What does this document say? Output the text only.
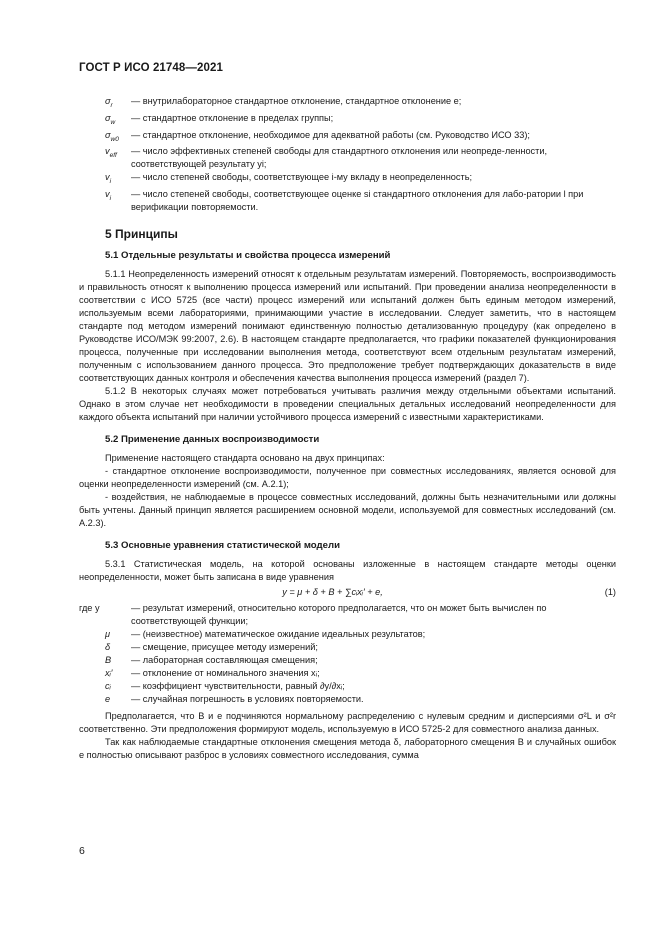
ГОСТ Р ИСО 21748—2021
$\sigma_r$	— внутрилабораторное стандартное отклонение, стандартное отклонение e;
$\sigma_w$	— стандартное отклонение в пределах группы;
$\sigma_{w0}$	— стандартное отклонение, необходимое для адекватной работы (см. Руководство ИСО 33);
$v_{eff}$	— число эффективных степеней свободы для стандартного отклонения или неопреде-ленности, соответствующей результату yi;
$v_i$	— число степеней свободы, соответствующее i-му вкладу в неопределенность;
$v_i$	— число степеней свободы, соответствующее оценке si стандартного отклонения для лабо-ратории l при верификации повторяемости.
5 Принципы
5.1 Отдельные результаты и свойства процесса измерений

5.1.1 Неопределенность измерений относят к отдельным результатам измерений. Повторяемость, воспроизводимость и правильность относят к выполнению процесса измерений или испытаний. При проведении анализа неопределенности в соответствии с ИСО 5725 (все части) процесс измерений или испытаний должен быть единым методом измерений, используемым всеми лабораториями, принимающими участие в исследовании. Следует заметить, что в настоящем стандарте под методом измерений понимают единственную полностью детализованную процедуру (как определено в Руководстве ИСО/МЭК 99:2007, 2.6). В настоящем стандарте предполагается, что графики показателей функционирования процесса, полученные при исследовании выполнения метода, соответствуют всем отдельным результатам измерений, полученным с использованием данного процесса. Это предположение требует подтверждающих доказательств в виде соответствующих данных контроля и обеспечения качества выполнения процесса измерений (раздел 7).

5.1.2 В некоторых случаях может потребоваться учитывать различия между отдельными объектами испытаний. Однако в этом случае нет необходимости в проведении специальных детальных исследований неопределенности для каждого объекта испытаний при наличии устойчивого процесса измерений с известными характеристиками.

5.2 Применение данных воспроизводимости

Применение настоящего стандарта основано на двух принципах:

- стандартное отклонение воспроизводимости, полученное при совместных исследованиях, является основой для оценки неопределенности измерений (см. А.2.1);

- воздействия, не наблюдаемые в процессе совместных исследований, должны быть незначительными или должны быть учтены. Данный принцип является расширением основной модели, используемой для совместных исследований (см. А.2.3).

5.3 Основные уравнения статистической модели

5.3.1 Статистическая модель, на которой основаны изложенные в настоящем стандарте методы оценки неопределенности, может быть записана в виде уравнения

y = μ + δ + B + ∑cᵢxᵢ′ + e,	(1)
где y	— результат измерений, относительно которого предполагается, что он может быть вычислен по соответствующей функции;
μ	— (неизвестное) математическое ожидание идеальных результатов;
δ	— смещение, присущее методу измерений;
B	— лабораторная составляющая смещения;
xᵢ′	— отклонение от номинального значения xᵢ;
cᵢ	— коэффициент чувствительности, равный ∂y/∂xᵢ;
e	— случайная погрешность в условиях повторяемости.

Предполагается, что B и e подчиняются нормальному распределению с нулевым средним и дисперсиями σ²L и σ²r соответственно. Эти предположения формируют модель, используемую в ИСО 5725-2 для совместного анализа данных.

Так как наблюдаемые стандартные отклонения смещения метода δ, лабораторного смещения B и случайных ошибок e полностью описывают разброс в условиях совместного исследования, сумма

6
